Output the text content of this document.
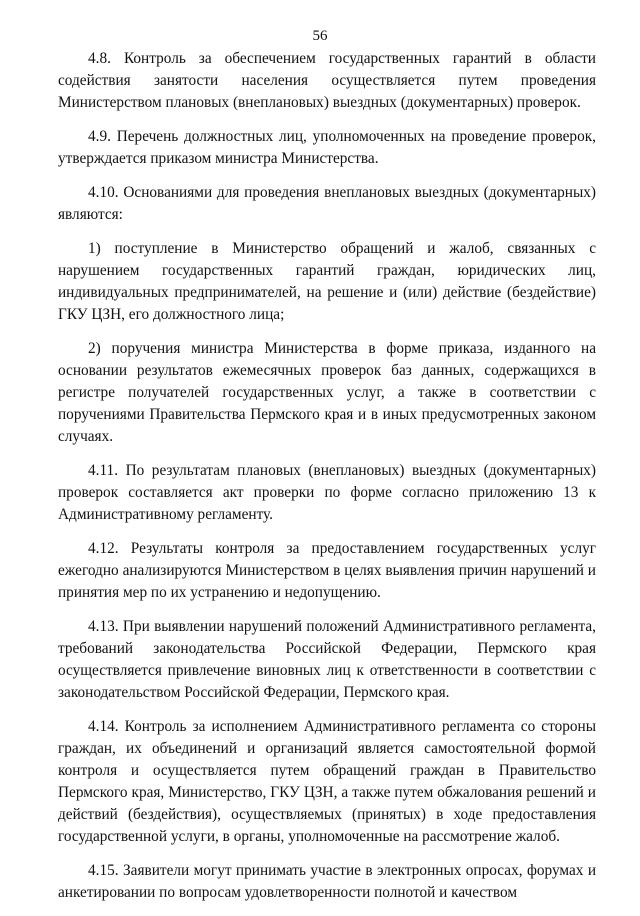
56

4.8. Контроль за обеспечением государственных гарантий в области содействия занятости населения осуществляется путем проведения Министерством плановых (внеплановых) выездных (документарных) проверок.

4.9. Перечень должностных лиц, уполномоченных на проведение проверок, утверждается приказом министра Министерства.

4.10. Основаниями для проведения внеплановых выездных (документарных) являются:

1) поступление в Министерство обращений и жалоб, связанных с нарушением государственных гарантий граждан, юридических лиц, индивидуальных предпринимателей, на решение и (или) действие (бездействие) ГКУ ЦЗН, его должностного лица;

2) поручения министра Министерства в форме приказа, изданного на основании результатов ежемесячных проверок баз данных, содержащихся в регистре получателей государственных услуг, а также в соответствии с поручениями Правительства Пермского края и в иных предусмотренных законом случаях.

4.11. По результатам плановых (внеплановых) выездных (документарных) проверок составляется акт проверки по форме согласно приложению 13 к Административному регламенту.

4.12. Результаты контроля за предоставлением государственных услуг ежегодно анализируются Министерством в целях выявления причин нарушений и принятия мер по их устранению и недопущению.

4.13. При выявлении нарушений положений Административного регламента, требований законодательства Российской Федерации, Пермского края осуществляется привлечение виновных лиц к ответственности в соответствии с законодательством Российской Федерации, Пермского края.

4.14. Контроль за исполнением Административного регламента со стороны граждан, их объединений и организаций является самостоятельной формой контроля и осуществляется путем обращений граждан в Правительство Пермского края, Министерство, ГКУ ЦЗН, а также путем обжалования решений и действий (бездействия), осуществляемых (принятых) в ходе предоставления государственной услуги, в органы, уполномоченные на рассмотрение жалоб.

4.15. Заявители могут принимать участие в электронных опросах, форумах и анкетировании по вопросам удовлетворенности полнотой и качеством
